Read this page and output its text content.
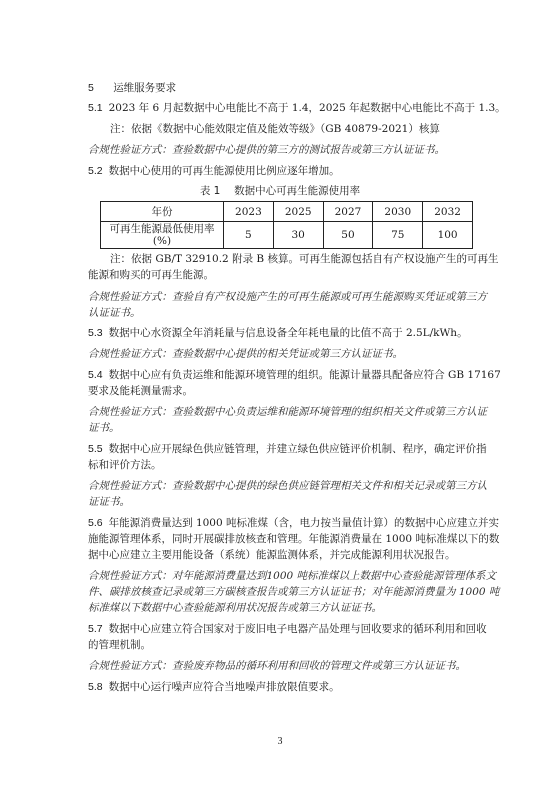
5 运维服务要求
5.1 2023 年 6 月起数据中心电能比不高于 1.4，2025 年起数据中心电能比不高于 1.3。
注：依据《数据中心能效限定值及能效等级》（GB 40879-2021）核算
合规性验证方式：查验数据中心提供的第三方的测试报告或第三方认证证书。
5.2 数据中心使用的可再生能源使用比例应逐年增加。
表 1　 数据中心可再生能源使用率
年份	2023	2025	2027	2030	2032
可再生能源最低使用率
(%)	5	30	50	75	100
注：依据 GB/T 32910.2 附录 B 核算。可再生能源包括自有产权设施产生的可再生
能源和购买的可再生能源。
合规性验证方式：查验自有产权设施产生的可再生能源或可再生能源购买凭证或第三方
认证证书。
5.3 数据中心水资源全年消耗量与信息设备全年耗电量的比值不高于 2.5L/kWh。
合规性验证方式：查验数据中心提供的相关凭证或第三方认证证书。
5.4 数据中心应有负责运维和能源环境管理的组织。能源计量器具配备应符合 GB 17167
要求及能耗测量需求。
合规性验证方式：查验数据中心负责运维和能源环境管理的组织相关文件或第三方认证
证书。
5.5 数据中心应开展绿色供应链管理，并建立绿色供应链评价机制、程序，确定评价指
标和评价方法。
合规性验证方式：查验数据中心提供的绿色供应链管理相关文件和相关记录或第三方认
证证书。
5.6 年能源消费量达到 1000 吨标准煤（含，电力按当量值计算）的数据中心应建立并实
施能源管理体系，同时开展碳排放核查和管理。年能源消费量在 1000 吨标准煤以下的数
据中心应建立主要用能设备（系统）能源监测体系，并完成能源利用状况报告。
合规性验证方式：对年能源消费量达到1000 吨标准煤以上数据中心查验能源管理体系文
件、碳排放核查记录或第三方碳核查报告或第三方认证证书；对年能源消费量为 1000 吨
标准煤以下数据中心查验能源利用状况报告或第三方认证证书。
5.7 数据中心应建立符合国家对于废旧电子电器产品处理与回收要求的循环利用和回收
的管理机制。
合规性验证方式：查验废弃物品的循环利用和回收的管理文件或第三方认证证书。
5.8 数据中心运行噪声应符合当地噪声排放限值要求。
3
